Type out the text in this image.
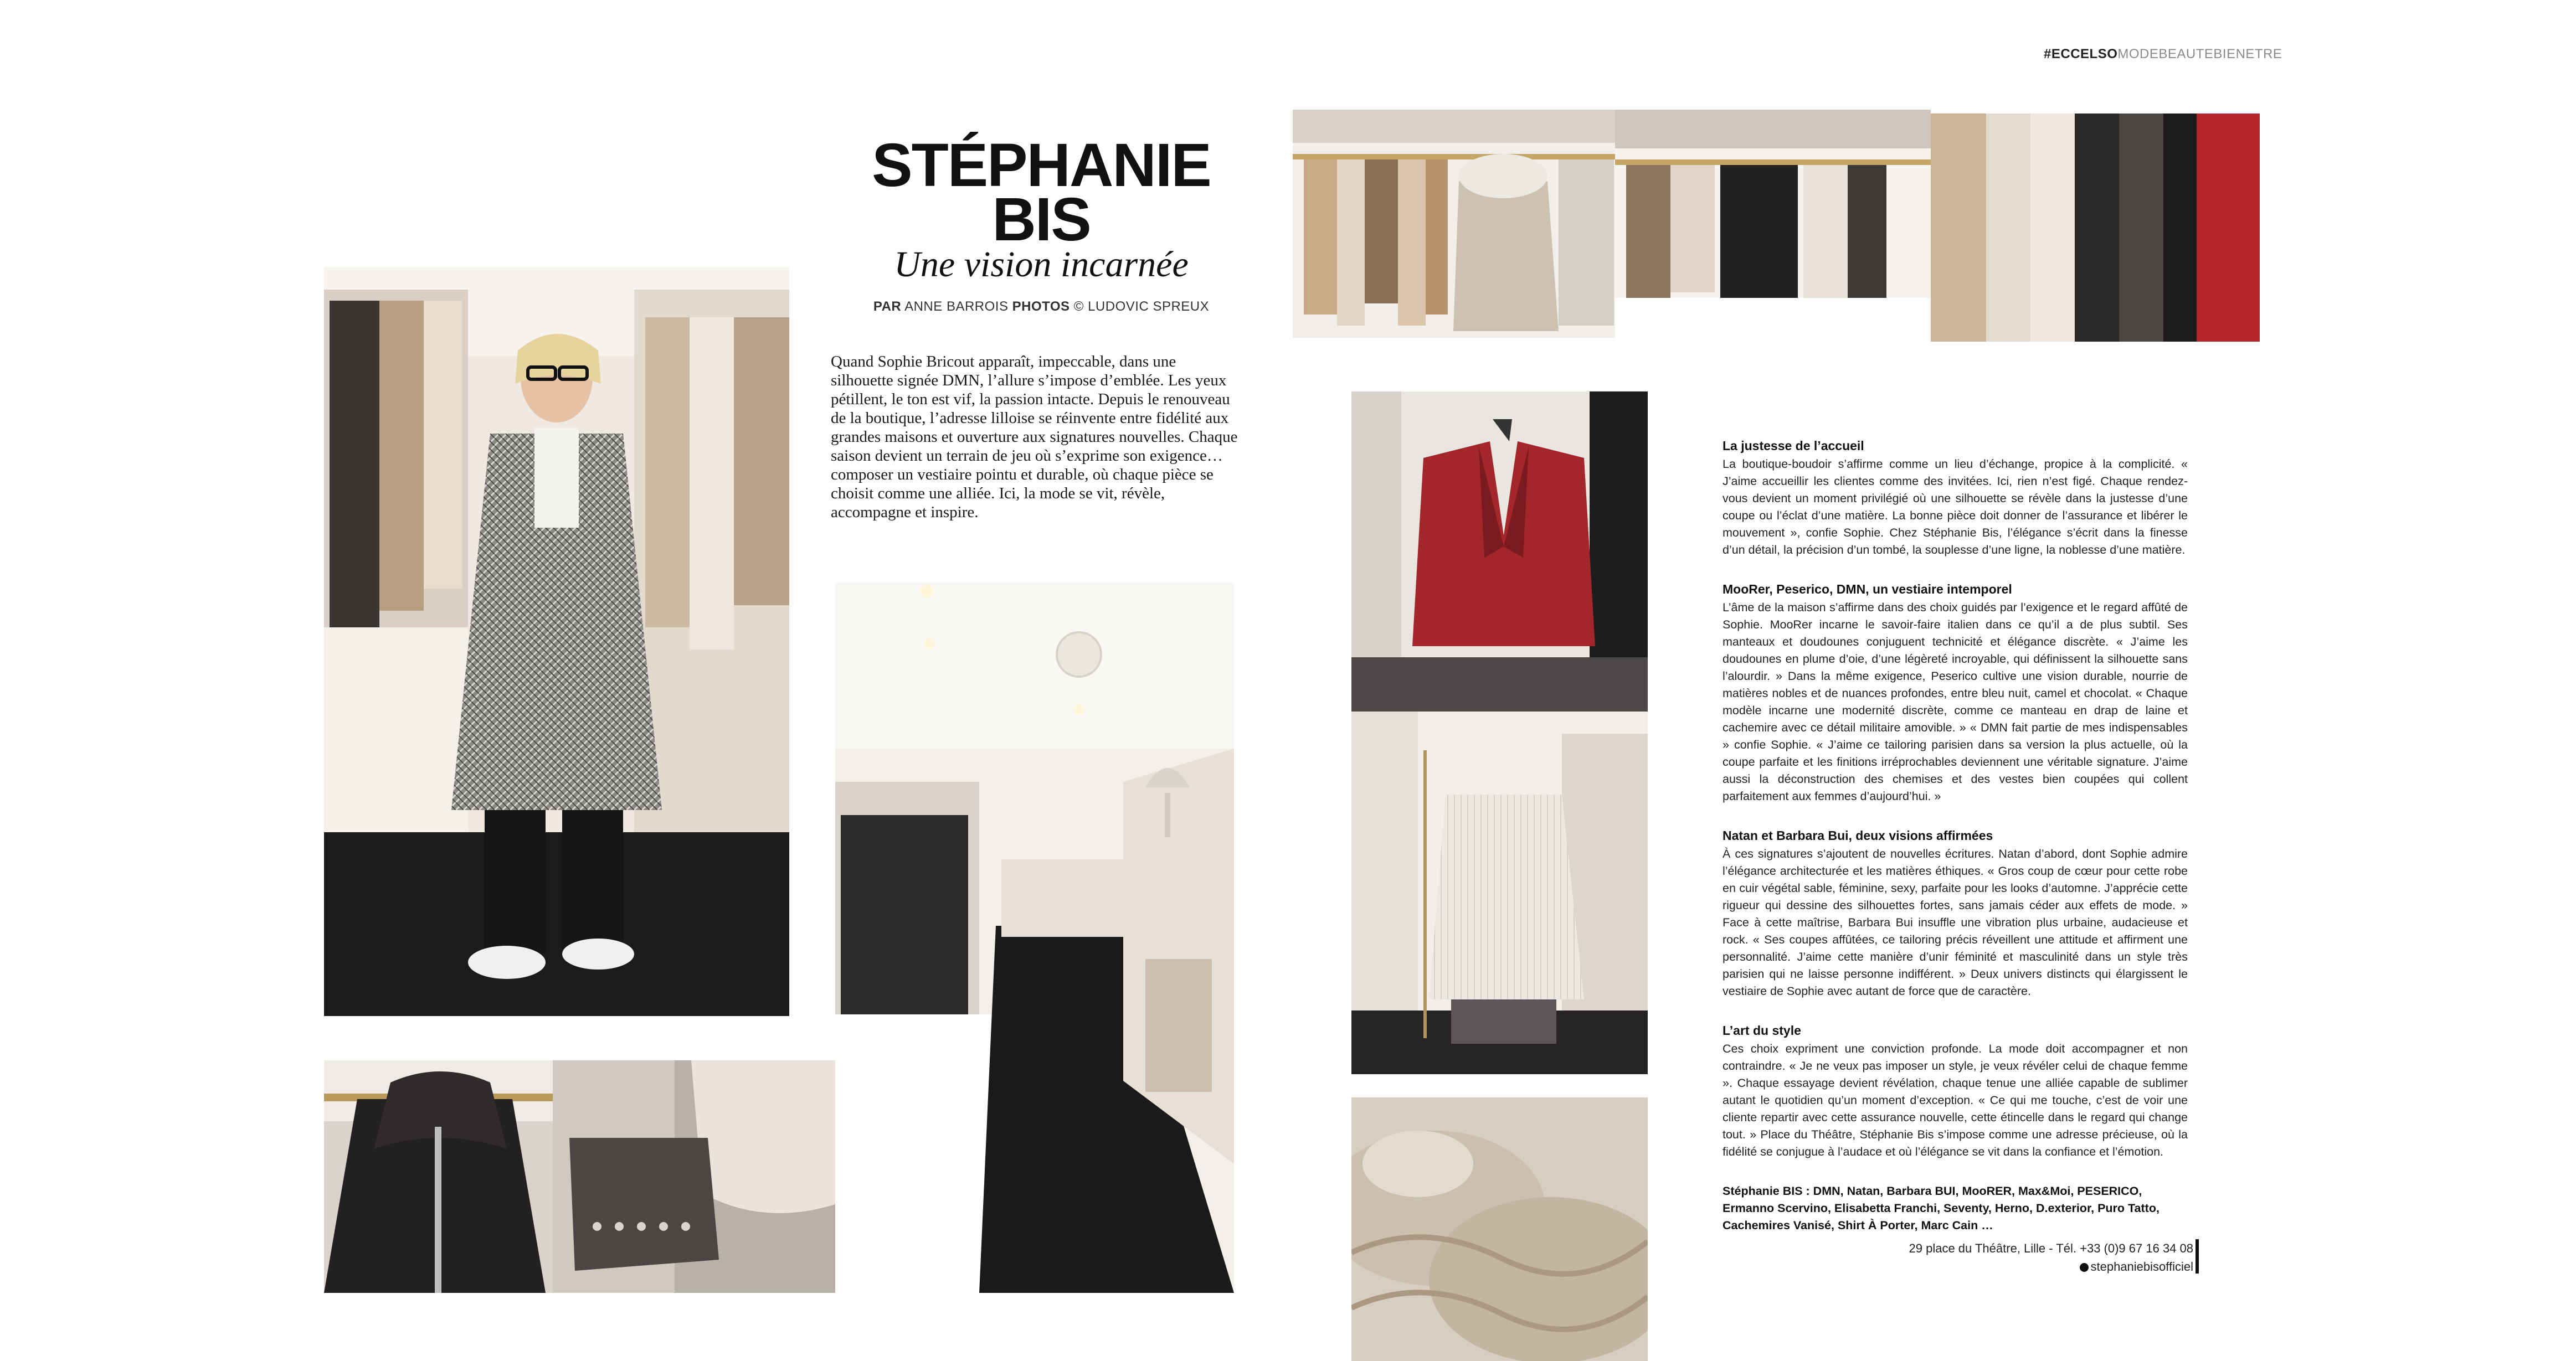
#ECCELSOMODEBEAUTEBIENETRE
STÉPHANIE
BIS
Une vision incarnée
PAR ANNE BARROIS PHOTOS © LUDOVIC SPREUX
Quand Sophie Bricout apparaît, impeccable, dans une silhouette signée DMN, l’allure s’impose d’emblée. Les yeux pétillent, le ton est vif, la passion intacte. Depuis le renouveau de la boutique, l’adresse lilloise se réinvente entre fidélité aux grandes maisons et ouverture aux signatures nouvelles. Chaque saison devient un terrain de jeu où s’exprime son exigence… composer un vestiaire pointu et durable, où chaque pièce se choisit comme une alliée. Ici, la mode se vit, révèle, accompagne et inspire.
La justesse de l’accueil

La boutique-boudoir s’affirme comme un lieu d’échange, propice à la complicité. « J’aime accueillir les clientes comme des invitées. Ici, rien n’est figé. Chaque rendez-vous devient un moment privilégié où une silhouette se révèle dans la justesse d’une coupe ou l’éclat d’une matière. La bonne pièce doit donner de l’assurance et libérer le mouvement », confie Sophie. Chez Stéphanie Bis, l’élégance s’écrit dans la finesse d’un détail, la précision d’un tombé, la souplesse d’une ligne, la noblesse d’une matière.

MooRer, Peserico, DMN, un vestiaire intemporel

L’âme de la maison s’affirme dans des choix guidés par l’exigence et le regard affûté de Sophie. MooRer incarne le savoir-faire italien dans ce qu’il a de plus subtil. Ses manteaux et doudounes conjuguent technicité et élégance discrète. « J’aime les doudounes en plume d’oie, d’une légèreté incroyable, qui définissent la silhouette sans l’alourdir. » Dans la même exigence, Peserico cultive une vision durable, nourrie de matières nobles et de nuances profondes, entre bleu nuit, camel et chocolat. « Chaque modèle incarne une modernité discrète, comme ce manteau en drap de laine et cachemire avec ce détail militaire amovible. » « DMN fait partie de mes indispensables » confie Sophie. « J’aime ce tailoring parisien dans sa version la plus actuelle, où la coupe parfaite et les finitions irréprochables deviennent une véritable signature. J’aime aussi la déconstruction des chemises et des vestes bien coupées qui collent parfaitement aux femmes d’aujourd’hui. »

Natan et Barbara Bui, deux visions affirmées

À ces signatures s’ajoutent de nouvelles écritures. Natan d’abord, dont Sophie admire l’élégance architecturée et les matières éthiques. « Gros coup de cœur pour cette robe en cuir végétal sable, féminine, sexy, parfaite pour les looks d’automne. J’apprécie cette rigueur qui dessine des silhouettes fortes, sans jamais céder aux effets de mode. » Face à cette maîtrise, Barbara Bui insuffle une vibration plus urbaine, audacieuse et rock. « Ses coupes affûtées, ce tailoring précis réveillent une attitude et affirment une personnalité. J’aime cette manière d’unir féminité et masculinité dans un style très parisien qui ne laisse personne indifférent. » Deux univers distincts qui élargissent le vestiaire de Sophie avec autant de force que de caractère.

L’art du style

Ces choix expriment une conviction profonde. La mode doit accompagner et non contraindre. « Je ne veux pas imposer un style, je veux révéler celui de chaque femme ». Chaque essayage devient révélation, chaque tenue une alliée capable de sublimer autant le quotidien qu’un moment d’exception. « Ce qui me touche, c’est de voir une cliente repartir avec cette assurance nouvelle, cette étincelle dans le regard qui change tout. » Place du Théâtre, Stéphanie Bis s’impose comme une adresse précieuse, où la fidélité se conjugue à l’audace et où l’élégance se vit dans la confiance et l’émotion.

Stéphanie BIS : DMN, Natan, Barbara BUI, MooRER, Max&Moi, PESERICO, Ermanno Scervino, Elisabetta Franchi, Seventy, Herno, D.exterior, Puro Tatto, Cachemires Vanisé, Shirt À Porter, Marc Cain …

29 place du Théâtre, Lille - Tél. +33 (0)9 67 16 34 08
stephaniebisofficiel
